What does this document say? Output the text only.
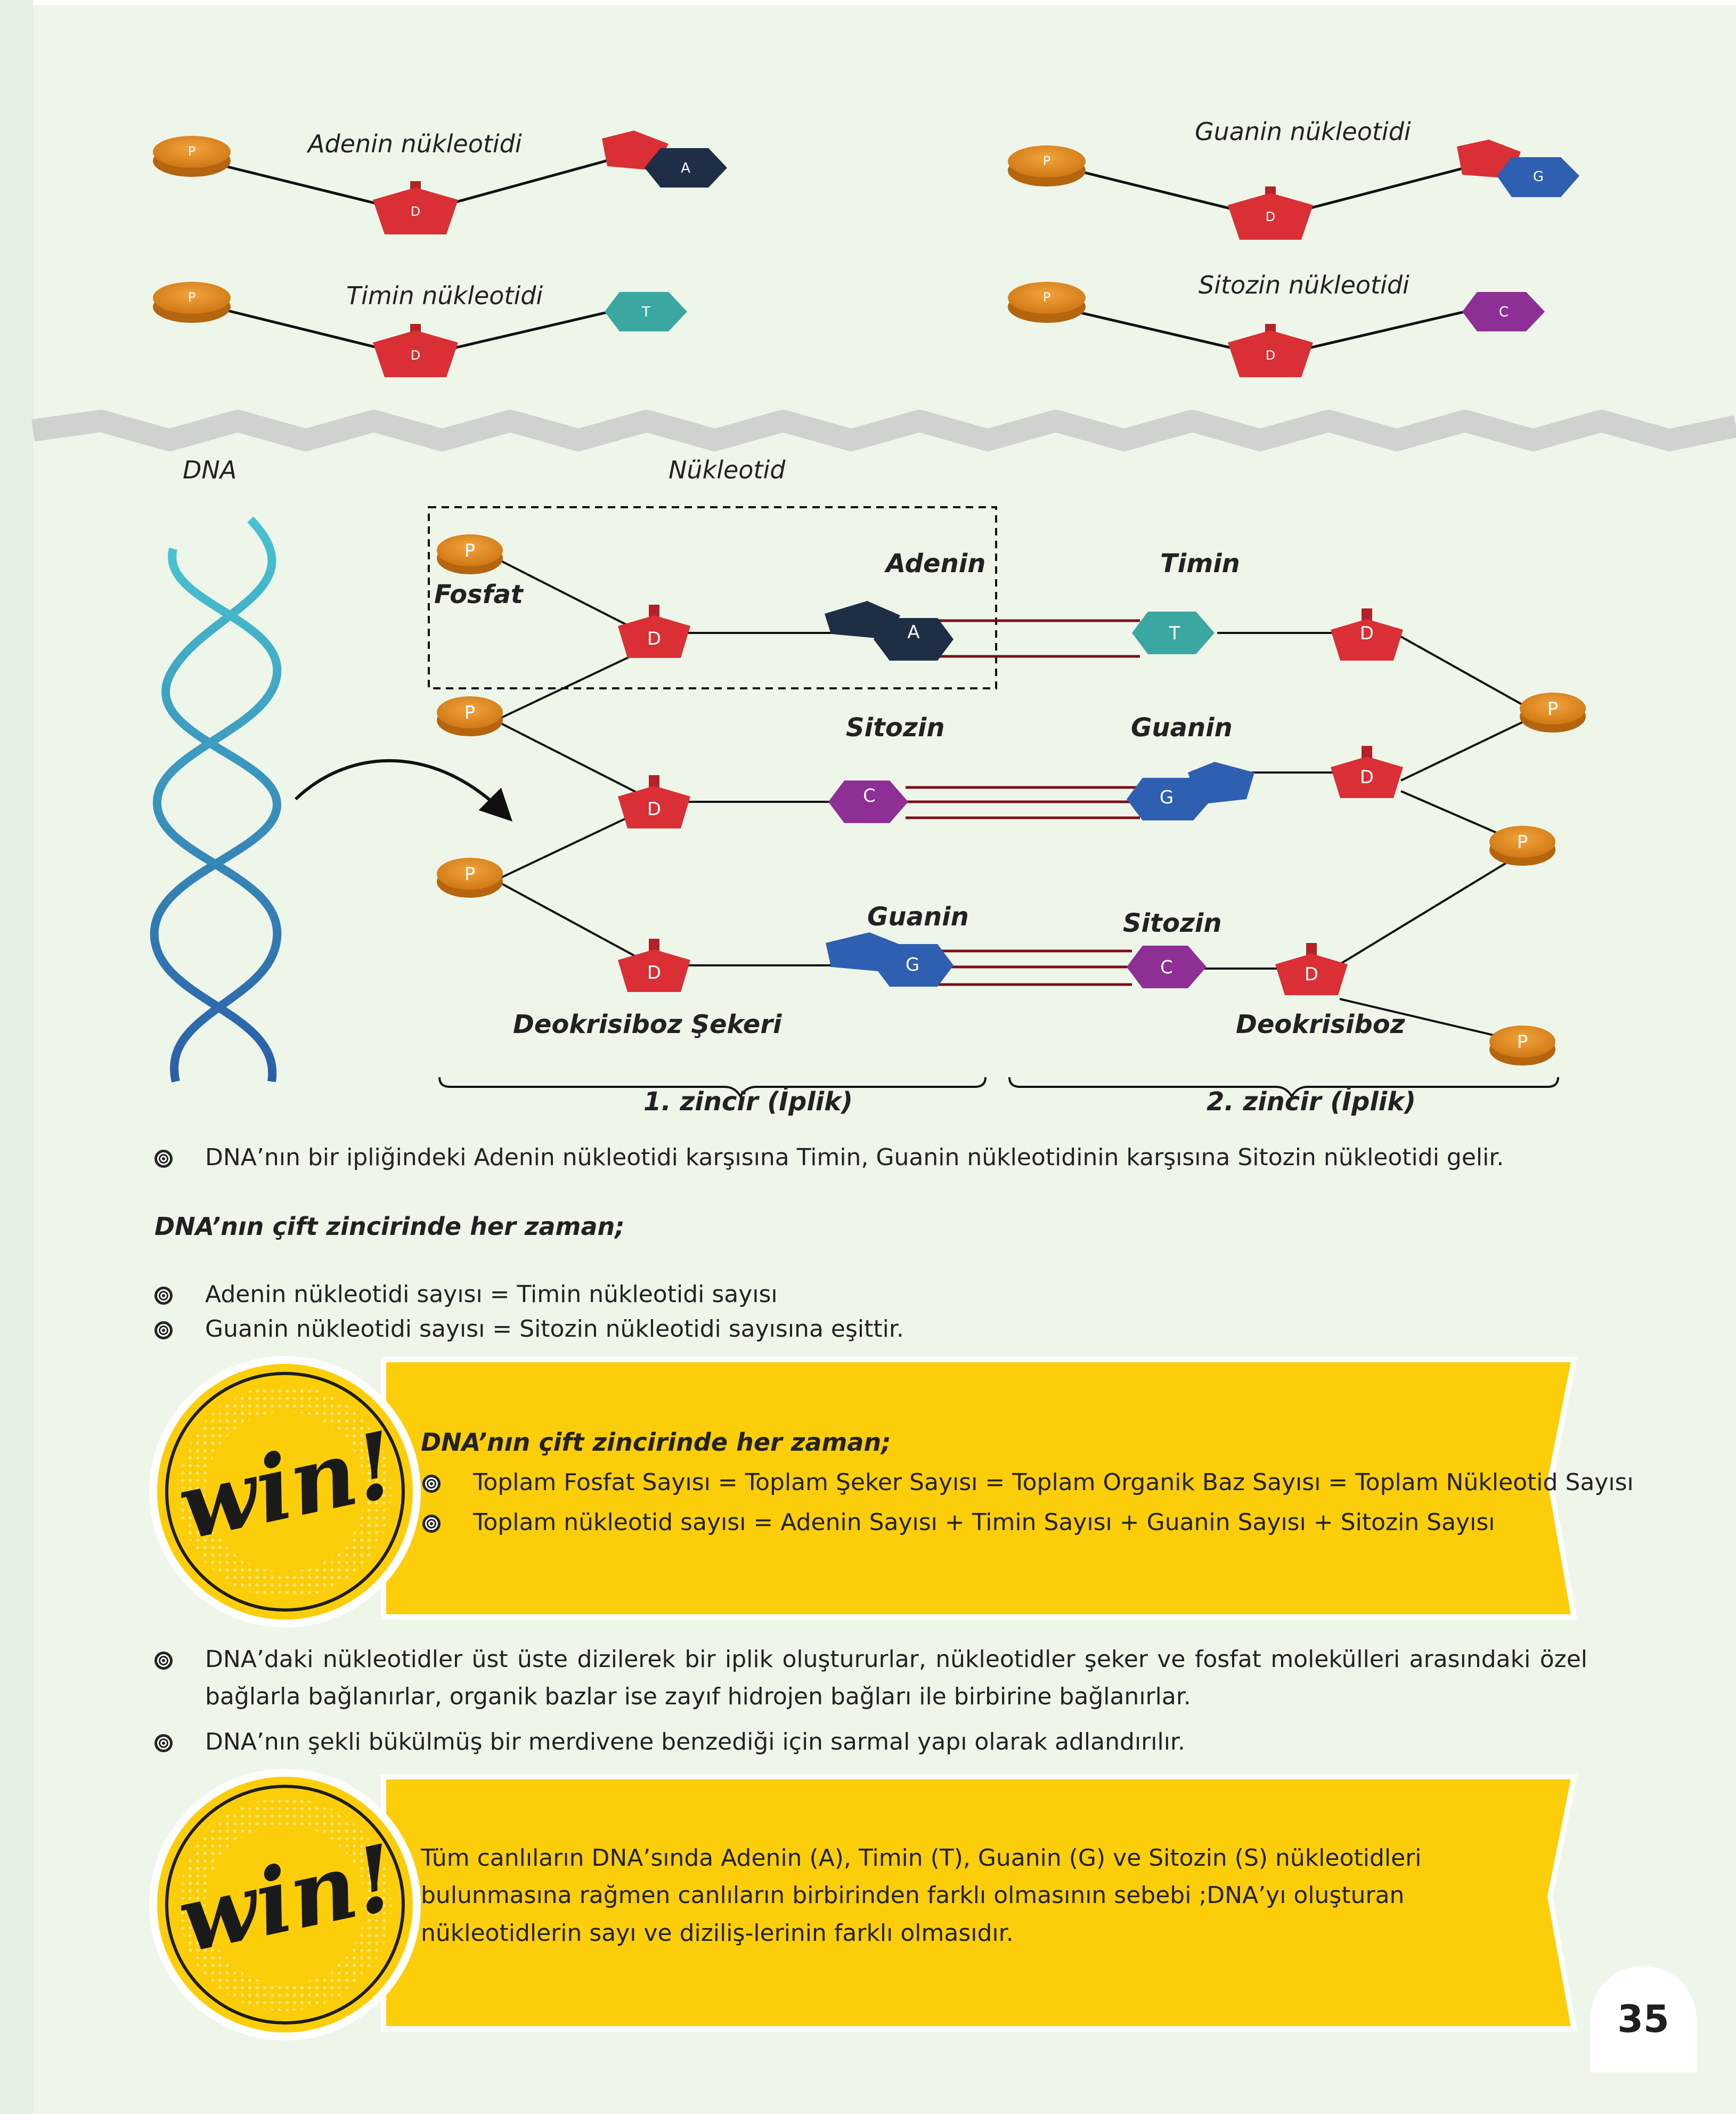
P
D
A	P
D
G
P
D
T
P
D
C
P
P
P
D
D
D
A
C
G
T
G
C
D
D
D
P
P
P
Adenin nükleotidi	Guanin nükleotidi
Timin nükleotidi	Sitozin nükleotidi
DNA	Nükleotid
Fosfat
Adenin	Timin
Sitozin	Guanin
Guanin	Sitozin
Deokrisiboz Şekeri	Deokrisiboz
1. zincir (İplik)	2. zincir (İplik)
DNA’nın bir ipliğindeki Adenin nükleotidi karşısına Timin, Guanin nükleotidinin karşısına Sitozin nükleotidi gelir.
DNA’nın çift zincirinde her zaman;
Adenin nükleotidi sayısı = Timin nükleotidi sayısı
Guanin nükleotidi sayısı = Sitozin nükleotidi sayısına eşittir.
win! DNA’nın çift zincirinde her zaman;
Toplam Fosfat Sayısı = Toplam Şeker Sayısı = Toplam Organik Baz Sayısı = Toplam Nükleotid Sayısı
Toplam nükleotid sayısı = Adenin Sayısı + Timin Sayısı + Guanin Sayısı + Sitozin Sayısı
DNA’daki nükleotidler üst üste dizilerek bir iplik oluştururlar, nükleotidler şeker ve fosfat molekülleri arasındaki özel bağlarla bağlanırlar, organik bazlar ise zayıf hidrojen bağları ile birbirine bağlanırlar.
DNA’nın şekli bükülmüş bir merdivene benzediği için sarmal yapı olarak adlandırılır.
win! Tüm canlıların DNA’sında Adenin (A), Timin (T), Guanin (G) ve Sitozin (S) nükleotidleri bulunmasına rağmen canlıların birbirinden farklı olmasının sebebi ;DNA’yı oluşturan nükleotidlerin sayı ve diziliş-lerinin farklı olmasıdır.
35
